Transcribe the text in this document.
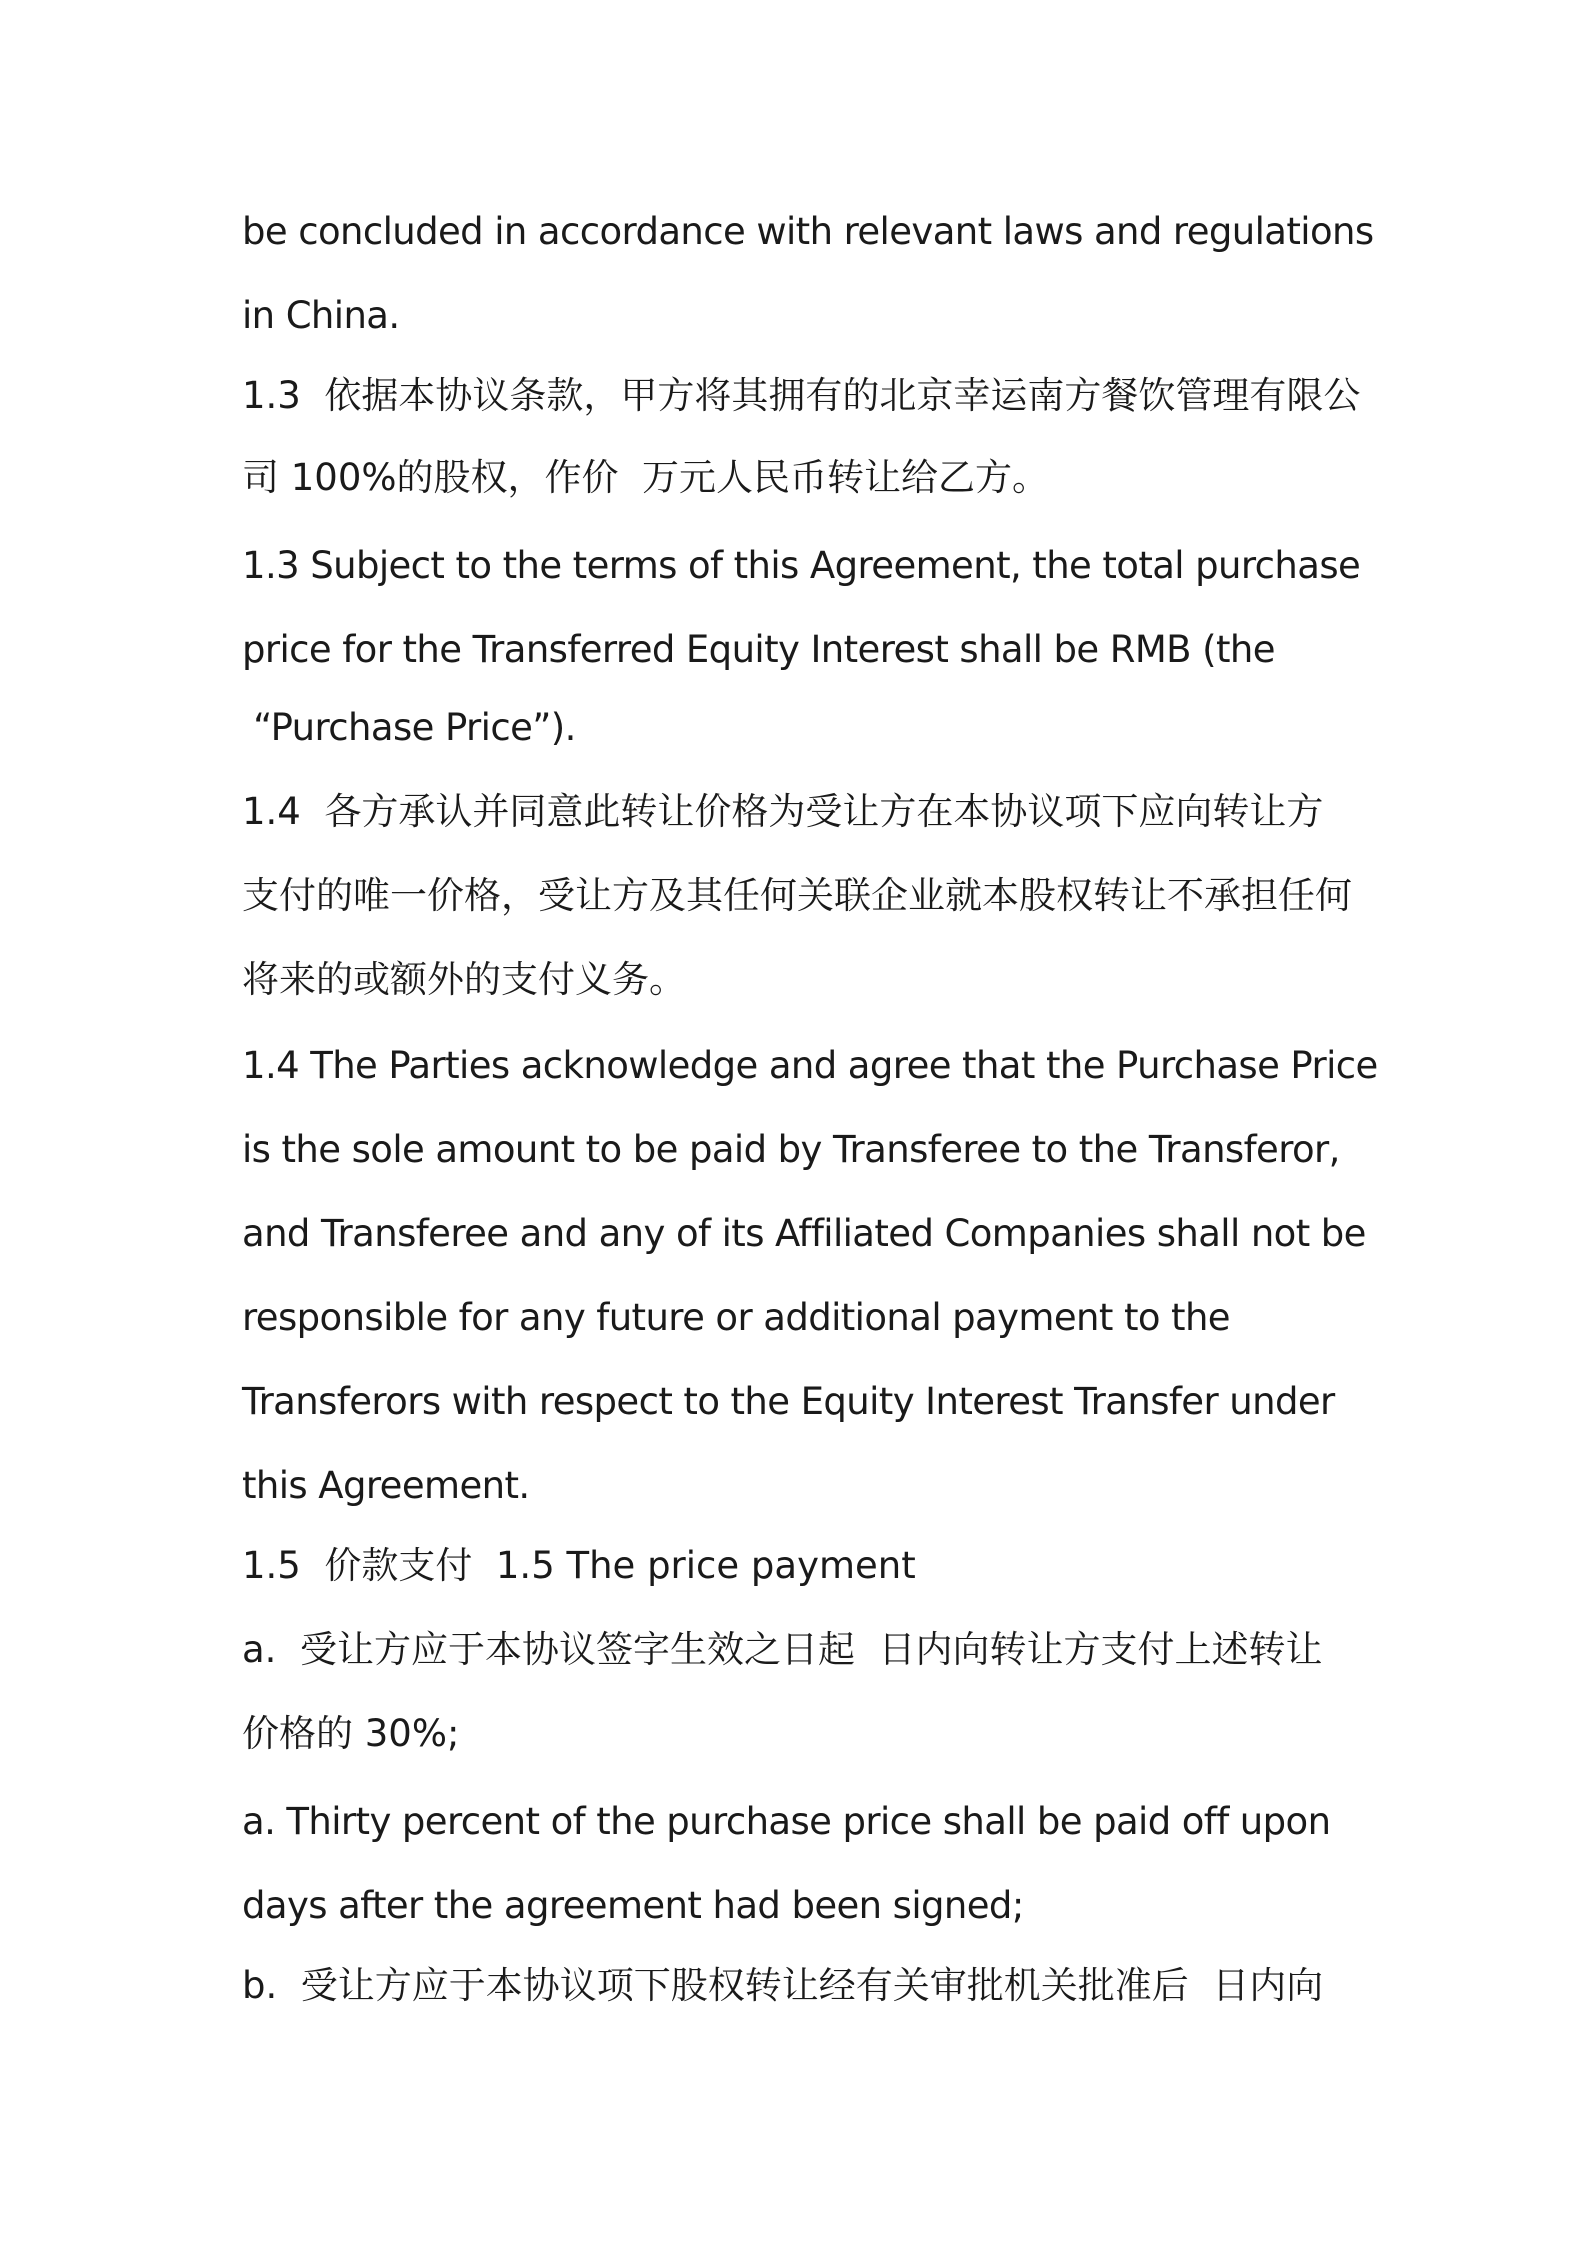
be concluded in accordance with relevant laws and regulations
in China.
1.3  依据本协议条款，甲方将其拥有的北京幸运南方餐饮管理有限公
司 100%的股权，作价  万元人民币转让给乙方。
1.3 Subject to the terms of this Agreement, the total purchase
price for the Transferred Equity Interest shall be RMB (the
“Purchase Price”).
1.4  各方承认并同意此转让价格为受让方在本协议项下应向转让方
支付的唯一价格，受让方及其任何关联企业就本股权转让不承担任何
将来的或额外的支付义务。
1.4 The Parties acknowledge and agree that the Purchase Price
is the sole amount to be paid by Transferee to the Transferor,
and Transferee and any of its Affiliated Companies shall not be
responsible for any future or additional payment to the
Transferors with respect to the Equity Interest Transfer under
this Agreement.
1.5  价款支付  1.5 The price payment
a.  受让方应于本协议签字生效之日起  日内向转让方支付上述转让
价格的 30%;
a. Thirty percent of the purchase price shall be paid off upon
days after the agreement had been signed;
b.  受让方应于本协议项下股权转让经有关审批机关批准后  日内向
